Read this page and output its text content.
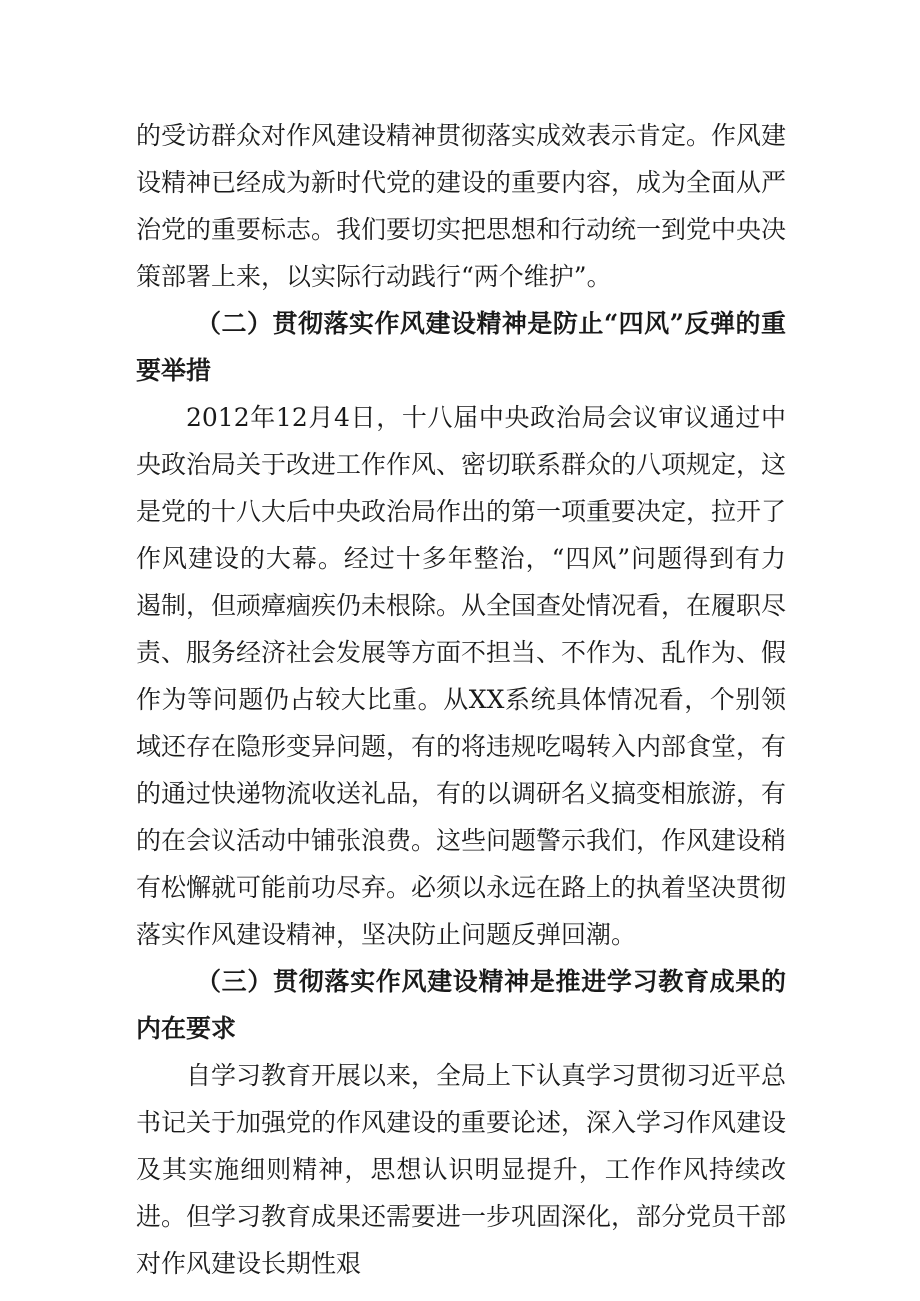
的受访群众对作风建设精神贯彻落实成效表示肯定。作风建设精神已经成为新时代党的建设的重要内容，成为全面从严治党的重要标志。我们要切实把思想和行动统一到党中央决策部署上来，以实际行动践行“两个维护”。

（二）贯彻落实作风建设精神是防止“四风”反弹的重要举措

2012年12月4日，十八届中央政治局会议审议通过中央政治局关于改进工作作风、密切联系群众的八项规定，这是党的十八大后中央政治局作出的第一项重要决定，拉开了作风建设的大幕。经过十多年整治，“四风”问题得到有力遏制，但顽瘴痼疾仍未根除。从全国查处情况看，在履职尽责、服务经济社会发展等方面不担当、不作为、乱作为、假作为等问题仍占较大比重。从XX系统具体情况看，个别领域还存在隐形变异问题，有的将违规吃喝转入内部食堂，有的通过快递物流收送礼品，有的以调研名义搞变相旅游，有的在会议活动中铺张浪费。这些问题警示我们，作风建设稍有松懈就可能前功尽弃。必须以永远在路上的执着坚决贯彻落实作风建设精神，坚决防止问题反弹回潮。

（三）贯彻落实作风建设精神是推进学习教育成果的内在要求

自学习教育开展以来，全局上下认真学习贯彻习近平总书记关于加强党的作风建设的重要论述，深入学习作风建设及其实施细则精神，思想认识明显提升，工作作风持续改进。但学习教育成果还需要进一步巩固深化，部分党员干部对作风建设长期性艰
